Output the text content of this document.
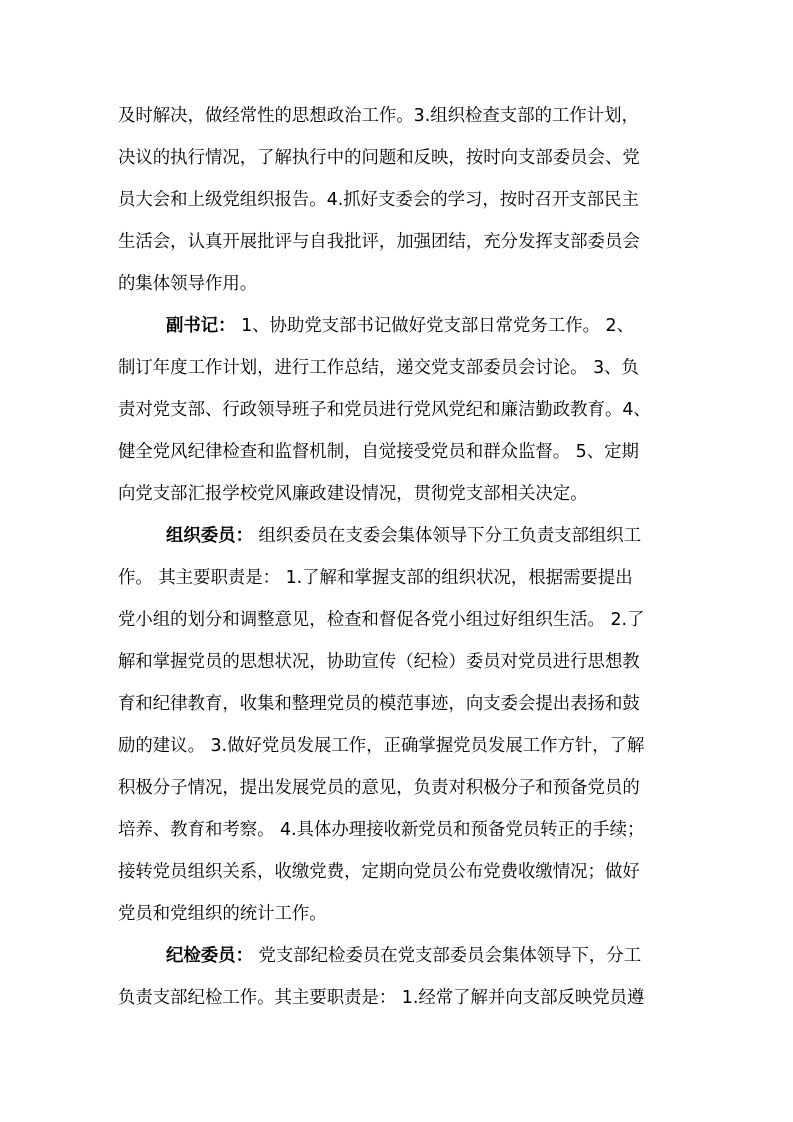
及时解决，做经常性的思想政治工作。3.组织检查支部的工作计划，
决议的执行情况，了解执行中的问题和反映，按时向支部委员会、党
员大会和上级党组织报告。4.抓好支委会的学习，按时召开支部民主
生活会，认真开展批评与自我批评，加强团结，充分发挥支部委员会
的集体领导作用。
副书记： 1、协助党支部书记做好党支部日常党务工作。 2、
制订年度工作计划，进行工作总结，递交党支部委员会讨论。 3、负
责对党支部、行政领导班子和党员进行党风党纪和廉洁勤政教育。4、
健全党风纪律检查和监督机制，自觉接受党员和群众监督。 5、定期
向党支部汇报学校党风廉政建设情况，贯彻党支部相关决定。
组织委员： 组织委员在支委会集体领导下分工负责支部组织工
作。 其主要职责是： 1.了解和掌握支部的组织状况，根据需要提出
党小组的划分和调整意见，检查和督促各党小组过好组织生活。 2.了
解和掌握党员的思想状况，协助宣传（纪检）委员对党员进行思想教
育和纪律教育，收集和整理党员的模范事迹，向支委会提出表扬和鼓
励的建议。 3.做好党员发展工作，正确掌握党员发展工作方针，了解
积极分子情况，提出发展党员的意见，负责对积极分子和预备党员的
培养、教育和考察。 4.具体办理接收新党员和预备党员转正的手续；
接转党员组织关系，收缴党费，定期向党员公布党费收缴情况；做好
党员和党组织的统计工作。
纪检委员： 党支部纪检委员在党支部委员会集体领导下，分工
负责支部纪检工作。其主要职责是： 1.经常了解并向支部反映党员遵
